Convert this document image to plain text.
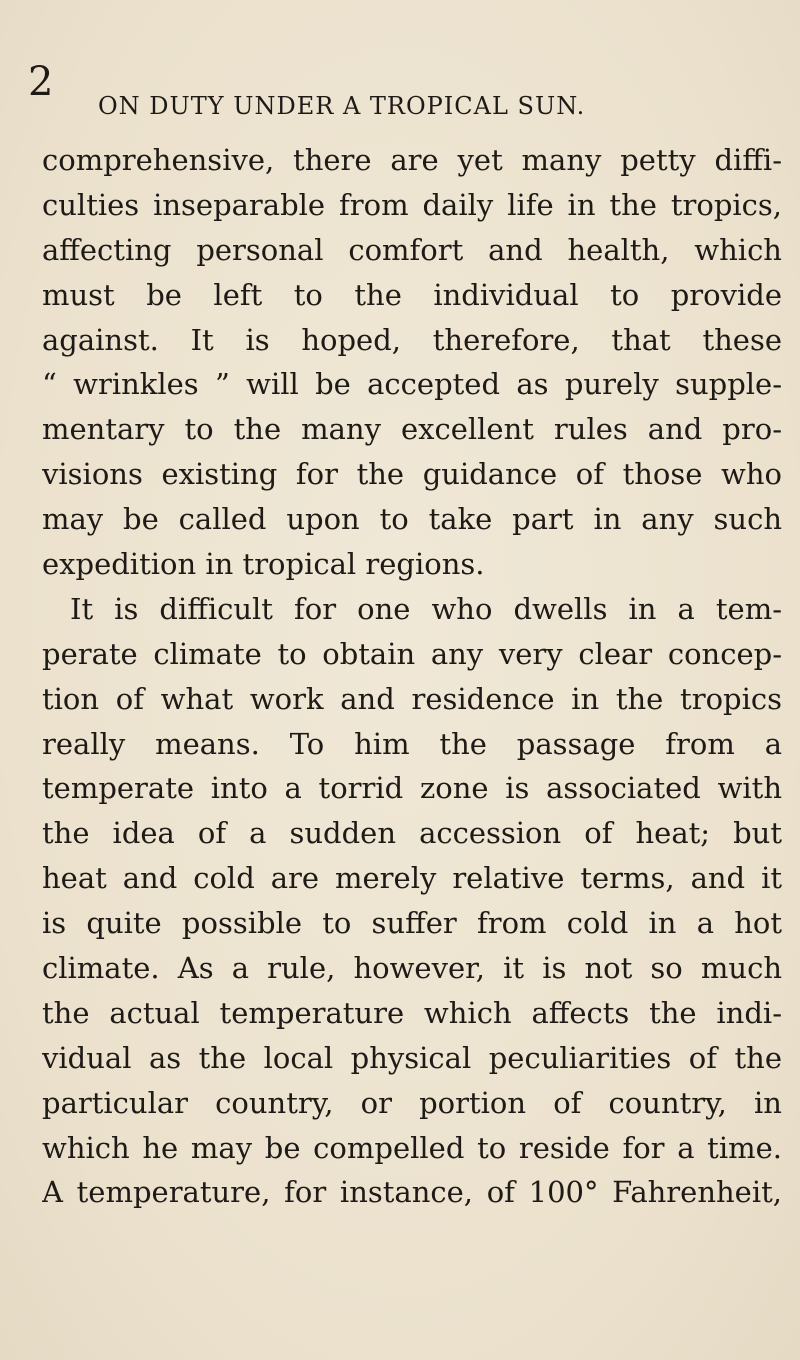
2
ON DUTY UNDER A TROPICAL SUN.
comprehensive, there are yet many petty diffi-
culties inseparable from daily life in the tropics,
affecting personal comfort and health, which
must be left to the individual to provide
against. It is hoped, therefore, that these
“ wrinkles ” will be accepted as purely supple-
mentary to the many excellent rules and pro-
visions existing for the guidance of those who
may be called upon to take part in any such
expedition in tropical regions.
It is difficult for one who dwells in a tem-
perate climate to obtain any very clear concep-
tion of what work and residence in the tropics
really means. To him the passage from a
temperate into a torrid zone is associated with
the idea of a sudden accession of heat; but
heat and cold are merely relative terms, and it
is quite possible to suffer from cold in a hot
climate. As a rule, however, it is not so much
the actual temperature which affects the indi-
vidual as the local physical peculiarities of the
particular country, or portion of country, in
which he may be compelled to reside for a time.
A temperature, for instance, of 100° Fahrenheit,
